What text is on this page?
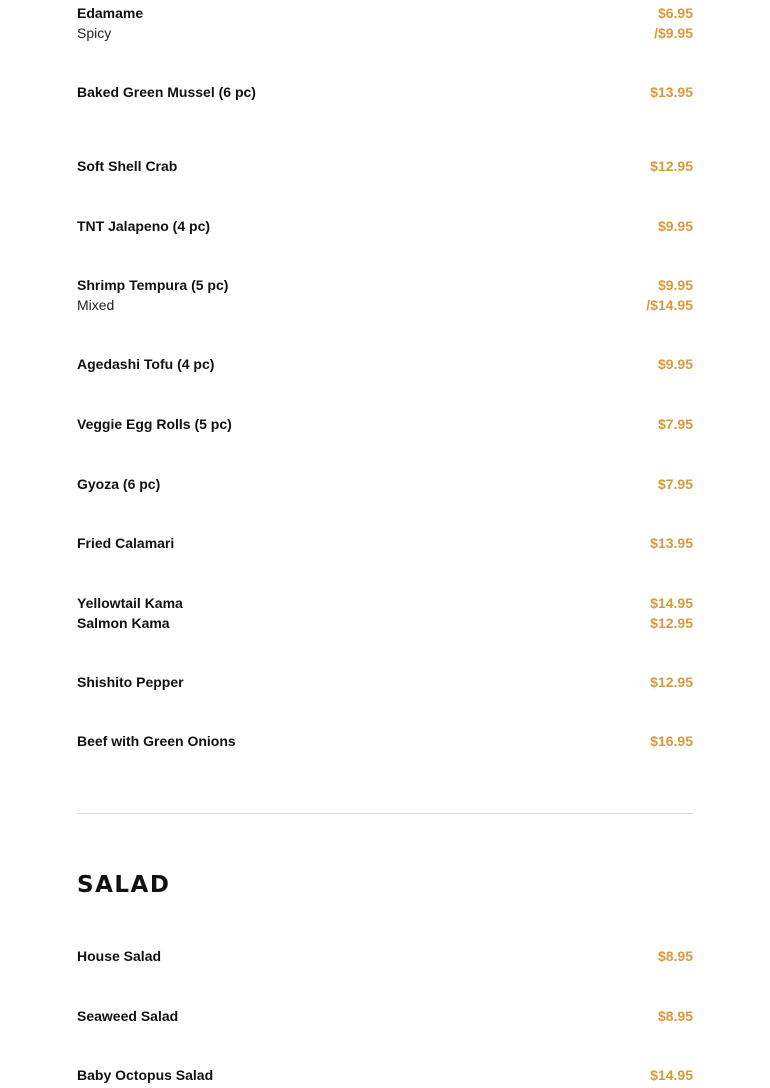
Edamame	$6.95
Spicy	/$9.95
Baked Green Mussel (6 pc)	$13.95
Soft Shell Crab	$12.95
TNT Jalapeno (4 pc)	$9.95
Shrimp Tempura (5 pc)	$9.95
Mixed	/$14.95
Agedashi Tofu (4 pc)	$9.95
Veggie Egg Rolls (5 pc)	$7.95
Gyoza (6 pc)	$7.95
Fried Calamari	$13.95
Yellowtail Kama	$14.95
Salmon Kama	$12.95
Shishito Pepper	$12.95
Beef with Green Onions	$16.95
SALAD
House Salad	$8.95
Seaweed Salad	$8.95
Baby Octopus Salad	$14.95
